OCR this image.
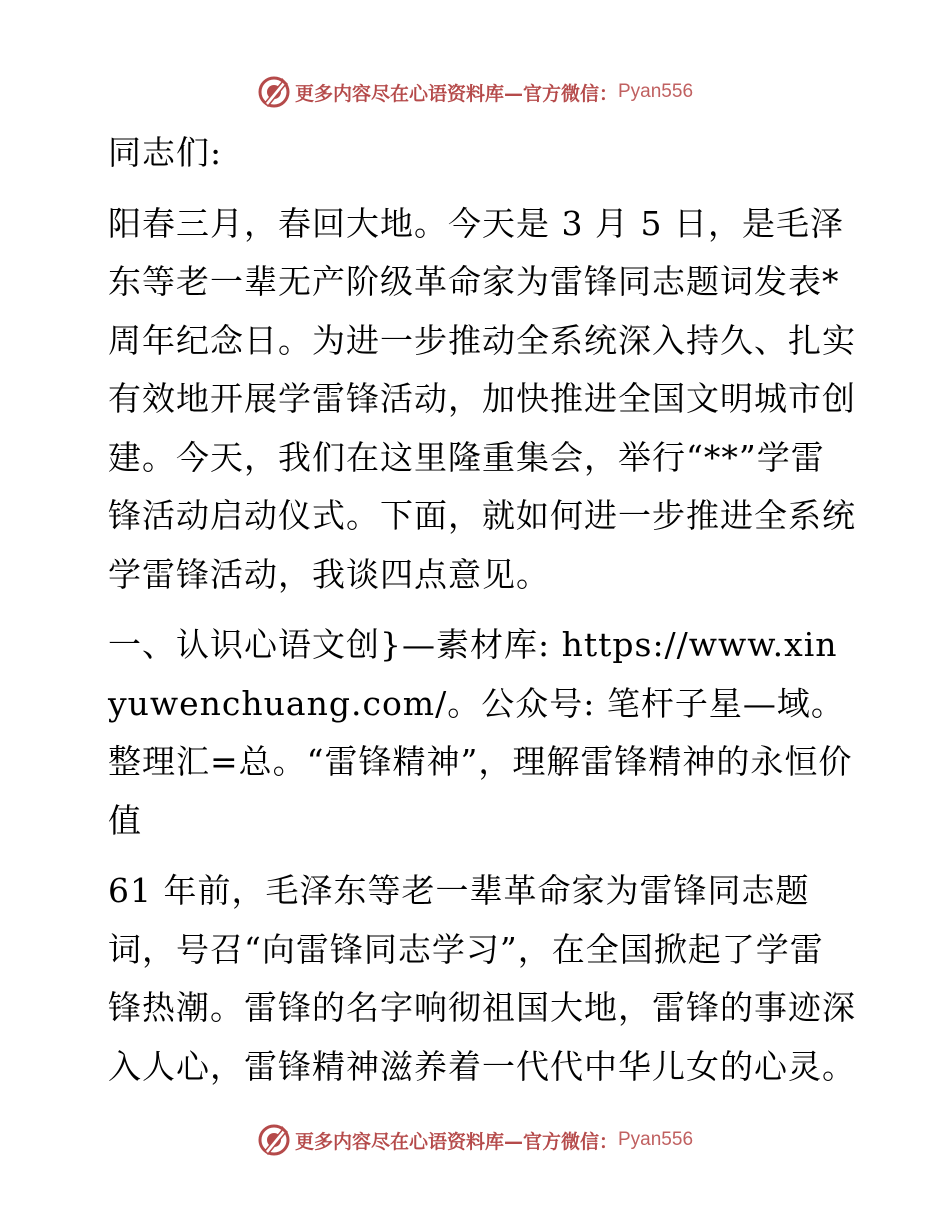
更多内容尽在心语资料库—官方微信： Pyan556

同志们:

阳春三月，春回大地。今天是 3 月 5 日，是毛泽东等老一辈无产阶级革命家为雷锋同志题词发表*周年纪念日。为进一步推动全系统深入持久、扎实有效地开展学雷锋活动，加快推进全国文明城市创建。今天，我们在这里隆重集会，举行“**”学雷锋活动启动仪式。下面，就如何进一步推进全系统学雷锋活动，我谈四点意见。

一、认识心语文创}—素材库: https://www.xinyuwenchuang.com/。公众号: 笔杆子星—域。整理汇=总。“雷锋精神”，理解雷锋精神的永恒价值

61 年前，毛泽东等老一辈革命家为雷锋同志题词，号召“向雷锋同志学习”，在全国掀起了学雷锋热潮。雷锋的名字响彻祖国大地，雷锋的事迹深入人心，雷锋精神滋养着一代代中华儿女的心灵。

更多内容尽在心语资料库—官方微信： Pyan556
